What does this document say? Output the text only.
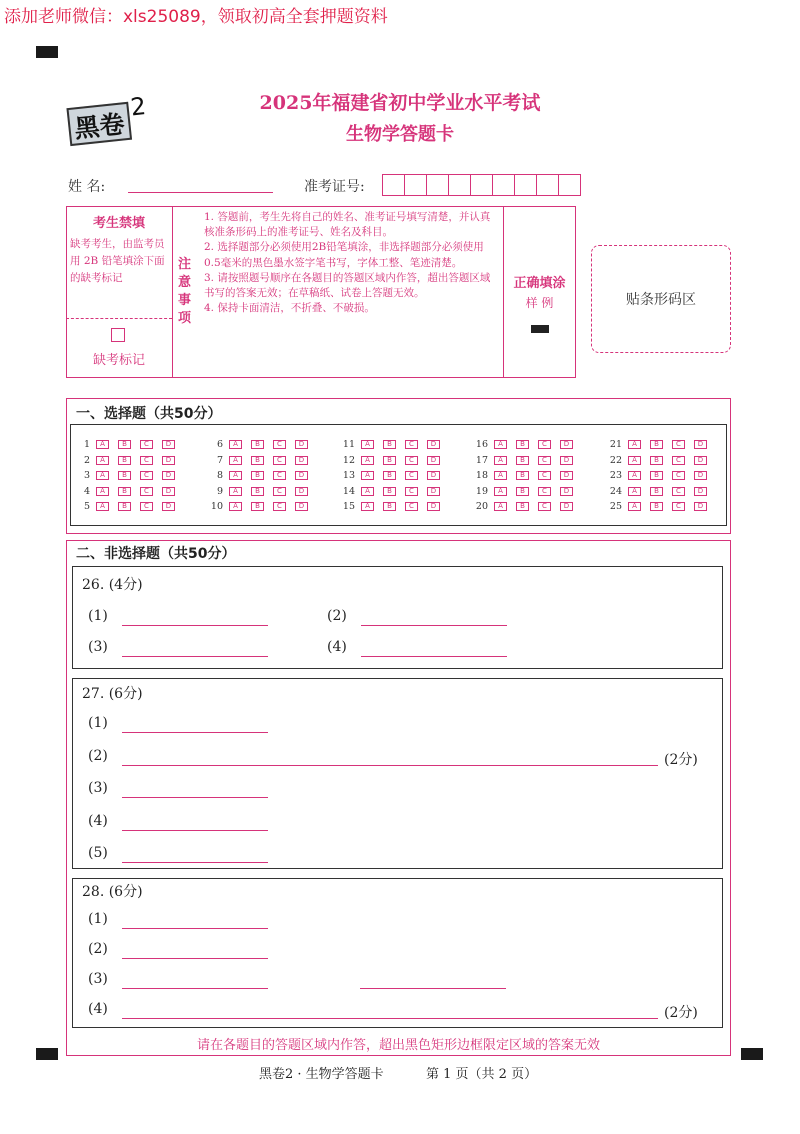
添加老师微信：xls25089，领取初高全套押题资料
黑卷
2	2025年福建省初中学业水平考试
生物学答题卡
姓 名:	准考证号:
考生禁填
缺考考生，由监考员用 2B 铅笔填涂下面的缺考标记
缺考标记
注意事项
1. 答题前，考生先将自己的姓名、准考证号填写清楚，并认真核准条形码上的准考证号、姓名及科目。
2. 选择题部分必须使用2B铅笔填涂，非选择题部分必须使用0.5毫米的黑色墨水签字笔书写，字体工整、笔迹清楚。
3. 请按照题号顺序在各题目的答题区域内作答，超出答题区域书写的答案无效；在草稿纸、试卷上答题无效。
4. 保持卡面清洁，不折叠、不破损。
正确填涂
样 例	贴条形码区
一、选择题（共50分）
1	A	B	C	D
2	A	B	C	D
3	A	B	C	D
4	A	B	C	D
5	A	B	C	D
6	A	B	C	D
7	A	B	C	D
8	A	B	C	D
9	A	B	C	D
10	A	B	C	D
11	A	B	C	D
12	A	B	C	D
13	A	B	C	D
14	A	B	C	D
15	A	B	C	D
16	A	B	C	D
17	A	B	C	D
18	A	B	C	D
19	A	B	C	D
20	A	B	C	D
21	A	B	C	D
22	A	B	C	D
23	A	B	C	D
24	A	B	C	D
25	A	B	C	D
二、非选择题（共50分）
26. (4分)
(1)	(2)
(3)	(4)
27. (6分)
(1)
(2)	(2分)
(3)
(4)
(5)
28. (6分)
(1)
(2)
(3)
(4)	(2分)
请在各题目的答题区域内作答，超出黑色矩形边框限定区域的答案无效
黑卷2 · 生物学答题卡	第 1 页（共 2 页）
